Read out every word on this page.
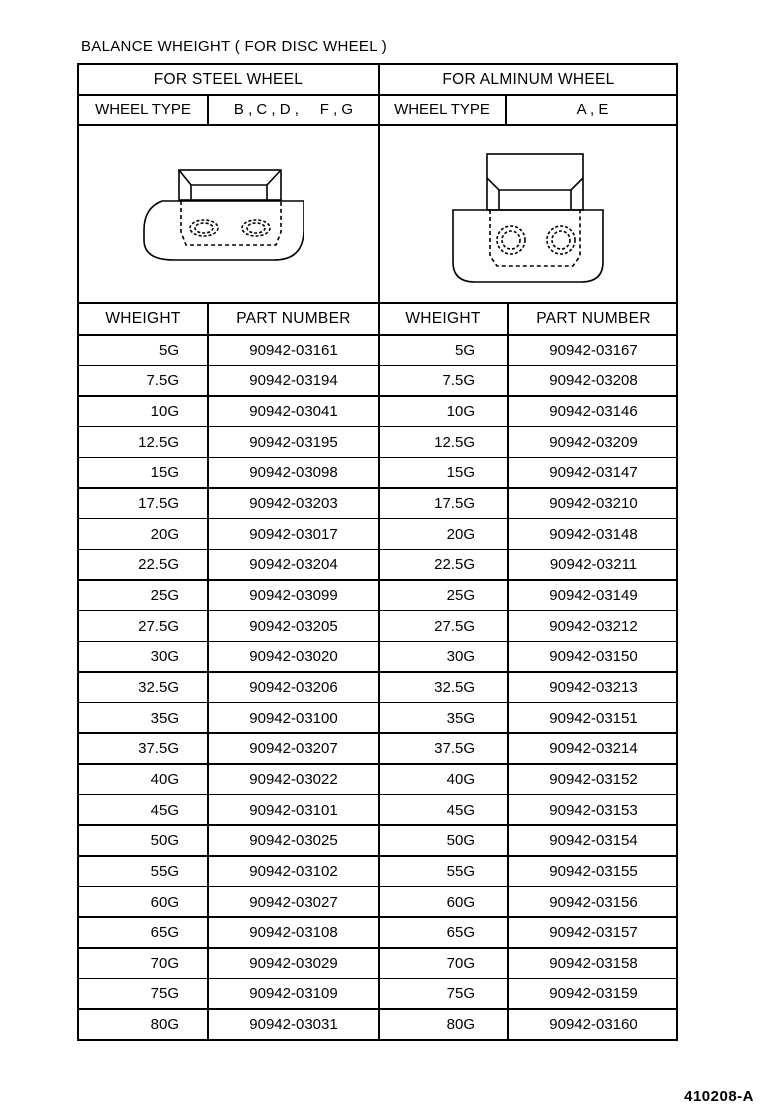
BALANCE WHEIGHT ( FOR DISC WHEEL )
FOR STEEL WHEEL	FOR ALMINUM WHEEL
WHEEL TYPE	B , C , D ,     F , G	WHEEL TYPE	A , E
WHEIGHT	PART NUMBER	WHEIGHT	PART NUMBER
5G	90942-03161	5G	90942-03167
7.5G	90942-03194	7.5G	90942-03208
10G	90942-03041	10G	90942-03146
12.5G	90942-03195	12.5G	90942-03209
15G	90942-03098	15G	90942-03147
17.5G	90942-03203	17.5G	90942-03210
20G	90942-03017	20G	90942-03148
22.5G	90942-03204	22.5G	90942-03211
25G	90942-03099	25G	90942-03149
27.5G	90942-03205	27.5G	90942-03212
30G	90942-03020	30G	90942-03150
32.5G	90942-03206	32.5G	90942-03213
35G	90942-03100	35G	90942-03151
37.5G	90942-03207	37.5G	90942-03214
40G	90942-03022	40G	90942-03152
45G	90942-03101	45G	90942-03153
50G	90942-03025	50G	90942-03154
55G	90942-03102	55G	90942-03155
60G	90942-03027	60G	90942-03156
65G	90942-03108	65G	90942-03157
70G	90942-03029	70G	90942-03158
75G	90942-03109	75G	90942-03159
80G	90942-03031	80G	90942-03160
410208-A
